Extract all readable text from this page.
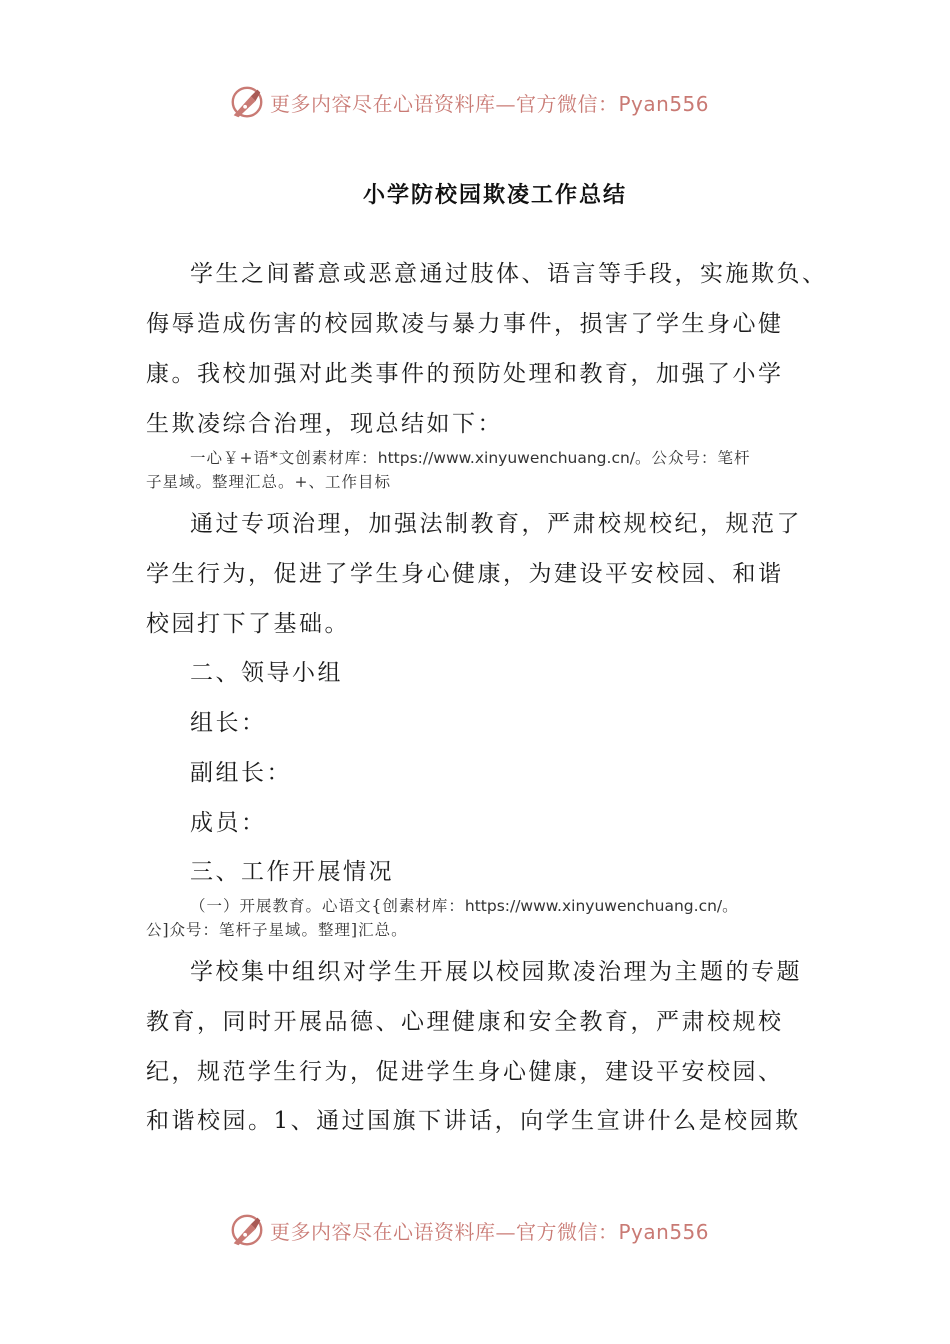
更多内容尽在心语资料库—官方微信：Pyan556
小学防校园欺凌工作总结
学生之间蓄意或恶意通过肢体、语言等手段，实施欺负、
侮辱造成伤害的校园欺凌与暴力事件，损害了学生身心健
康。我校加强对此类事件的预防处理和教育，加强了小学
生欺凌综合治理，现总结如下：
一心￥+语*文创素材库：https://www.xinyuwenchuang.cn/。公众号：笔杆
子星域。整理汇总。+、工作目标
通过专项治理，加强法制教育，严肃校规校纪，规范了
学生行为，促进了学生身心健康，为建设平安校园、和谐
校园打下了基础。
二、领导小组
组长：
副组长：
成员：
三、工作开展情况
（一）开展教育。心语文{创素材库：https://www.xinyuwenchuang.cn/。
公]众号：笔杆子星域。整理]汇总。
学校集中组织对学生开展以校园欺凌治理为主题的专题
教育，同时开展品德、心理健康和安全教育，严肃校规校
纪，规范学生行为，促进学生身心健康，建设平安校园、
和谐校园。1、通过国旗下讲话，向学生宣讲什么是校园欺
更多内容尽在心语资料库—官方微信：Pyan556
